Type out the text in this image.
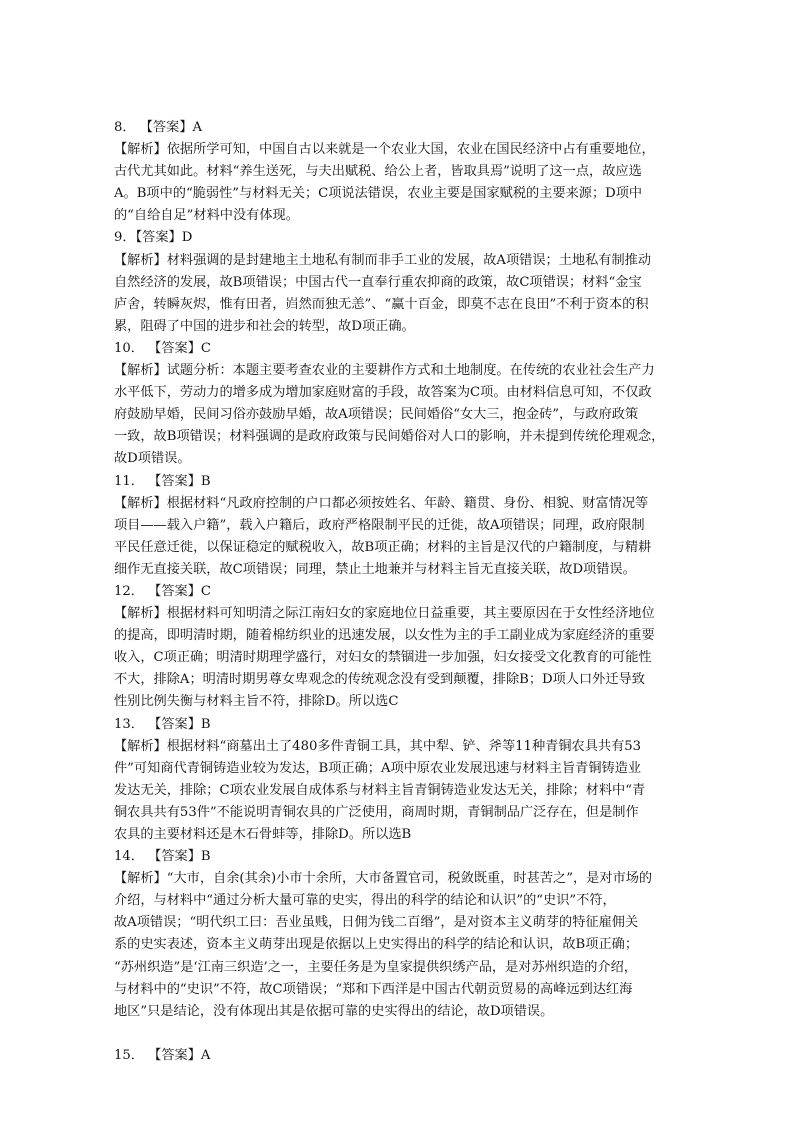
8． 【答案】A
【解析】依据所学可知，中国自古以来就是一个农业大国，农业在国民经济中占有重要地位，
古代尤其如此。材料“养生送死，与夫出赋税、给公上者，皆取具焉”说明了这一点，故应选
A。B项中的“脆弱性”与材料无关；C项说法错误，农业主要是国家赋税的主要来源；D项中
的“自给自足”材料中没有体现。
9．【答案】D
【解析】材料强调的是封建地主土地私有制而非手工业的发展，故A项错误；土地私有制推动
自然经济的发展，故B项错误；中国古代一直奉行重农抑商的政策，故C项错误；材料“金宝
庐舍，转瞬灰烬，惟有田者，岿然而独无恙”、“赢十百金，即莫不志在良田”不利于资本的积
累，阻碍了中国的进步和社会的转型，故D项正确。
10． 【答案】C
【解析】试题分析：本题主要考查农业的主要耕作方式和土地制度。在传统的农业社会生产力
水平低下，劳动力的增多成为增加家庭财富的手段，故答案为C项。由材料信息可知，不仅政
府鼓励早婚，民间习俗亦鼓励早婚，故A项错误；民间婚俗“女大三，抱金砖”，与政府政策
一致，故B项错误；材料强调的是政府政策与民间婚俗对人口的影响，并未提到传统伦理观念，
故D项错误。
11． 【答案】B
【解析】根据材料“凡政府控制的户口都必须按姓名、年龄、籍贯、身份、相貌、财富情况等
项目——载入户籍”，载入户籍后，政府严格限制平民的迁徙，故A项错误；同理，政府限制
平民任意迁徙，以保证稳定的赋税收入，故B项正确；材料的主旨是汉代的户籍制度，与精耕
细作无直接关联，故C项错误；同理，禁止土地兼并与材料主旨无直接关联，故D项错误。
12． 【答案】C
【解析】根据材料可知明清之际江南妇女的家庭地位日益重要，其主要原因在于女性经济地位
的提高，即明清时期，随着棉纺织业的迅速发展，以女性为主的手工副业成为家庭经济的重要
收入，C项正确；明清时期理学盛行，对妇女的禁锢进一步加强，妇女接受文化教育的可能性
不大，排除A；明清时期男尊女卑观念的传统观念没有受到颠覆，排除B；D项人口外迁导致
性别比例失衡与材料主旨不符，排除D。所以选C
13． 【答案】B
【解析】根据材料“商墓出土了480多件青铜工具，其中犁、铲、斧等11种青铜农具共有53
件”可知商代青铜铸造业较为发达，B项正确；A项中原农业发展迅速与材料主旨青铜铸造业
发达无关，排除；C项农业发展自成体系与材料主旨青铜铸造业发达无关，排除；材料中“青
铜农具共有53件”不能说明青铜农具的广泛使用，商周时期，青铜制品广泛存在，但是制作
农具的主要材料还是木石骨蚌等，排除D。所以选B
14． 【答案】B
【解析】“大市，自余(其余)小市十余所，大市备置官司，税敛既重，时甚苦之”，是对市场的
介绍，与材料中“通过分析大量可靠的史实，得出的科学的结论和认识”的“史识”不符，
故A项错误；“明代织工曰：吾业虽贱，日佣为钱二百缗”，是对资本主义萌芽的特征雇佣关
系的史实表述，资本主义萌芽出现是依据以上史实得出的科学的结论和认识，故B项正确；
“苏州织造”是‘江南三织造’之一，主要任务是为皇家提供织绣产品，是对苏州织造的介绍，
与材料中的“史识”不符，故C项错误；“郑和下西洋是中国古代朝贡贸易的高峰远到达红海
地区”只是结论，没有体现出其是依据可靠的史实得出的结论，故D项错误。
15． 【答案】A
